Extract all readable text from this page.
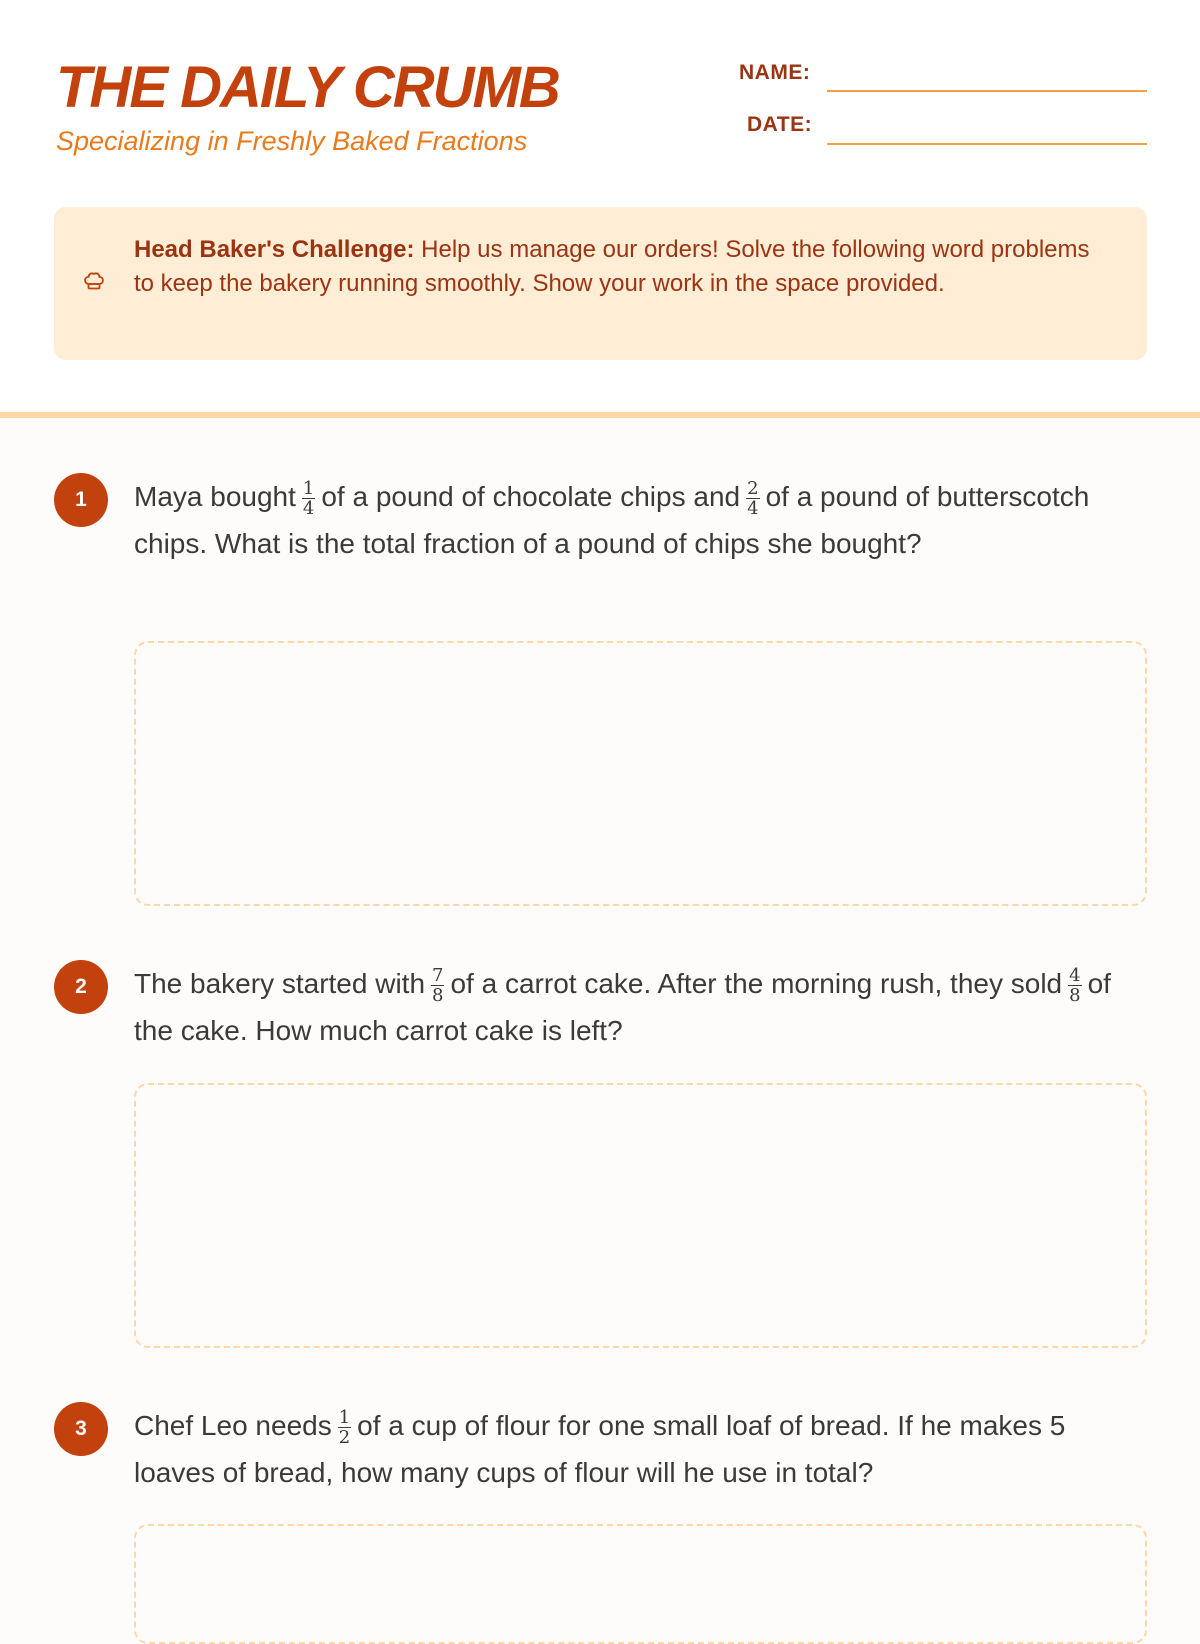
THE DAILY CRUMB
Specializing in Freshly Baked Fractions
NAME:
DATE:
Head Baker's Challenge: Help us manage our orders! Solve the following word problems to keep the bakery running smoothly. Show your work in the space provided.
1	Maya bought $\frac{1}{4}$ of a pound of chocolate chips and $\frac{2}{4}$ of a pound of butterscotch chips. What is the total fraction of a pound of chips she bought?
2	The bakery started with $\frac{7}{8}$ of a carrot cake. After the morning rush, they sold $\frac{4}{8}$ of the cake. How much carrot cake is left?
3	Chef Leo needs $\frac{1}{2}$ of a cup of flour for one small loaf of bread. If he makes 5 loaves of bread, how many cups of flour will he use in total?
